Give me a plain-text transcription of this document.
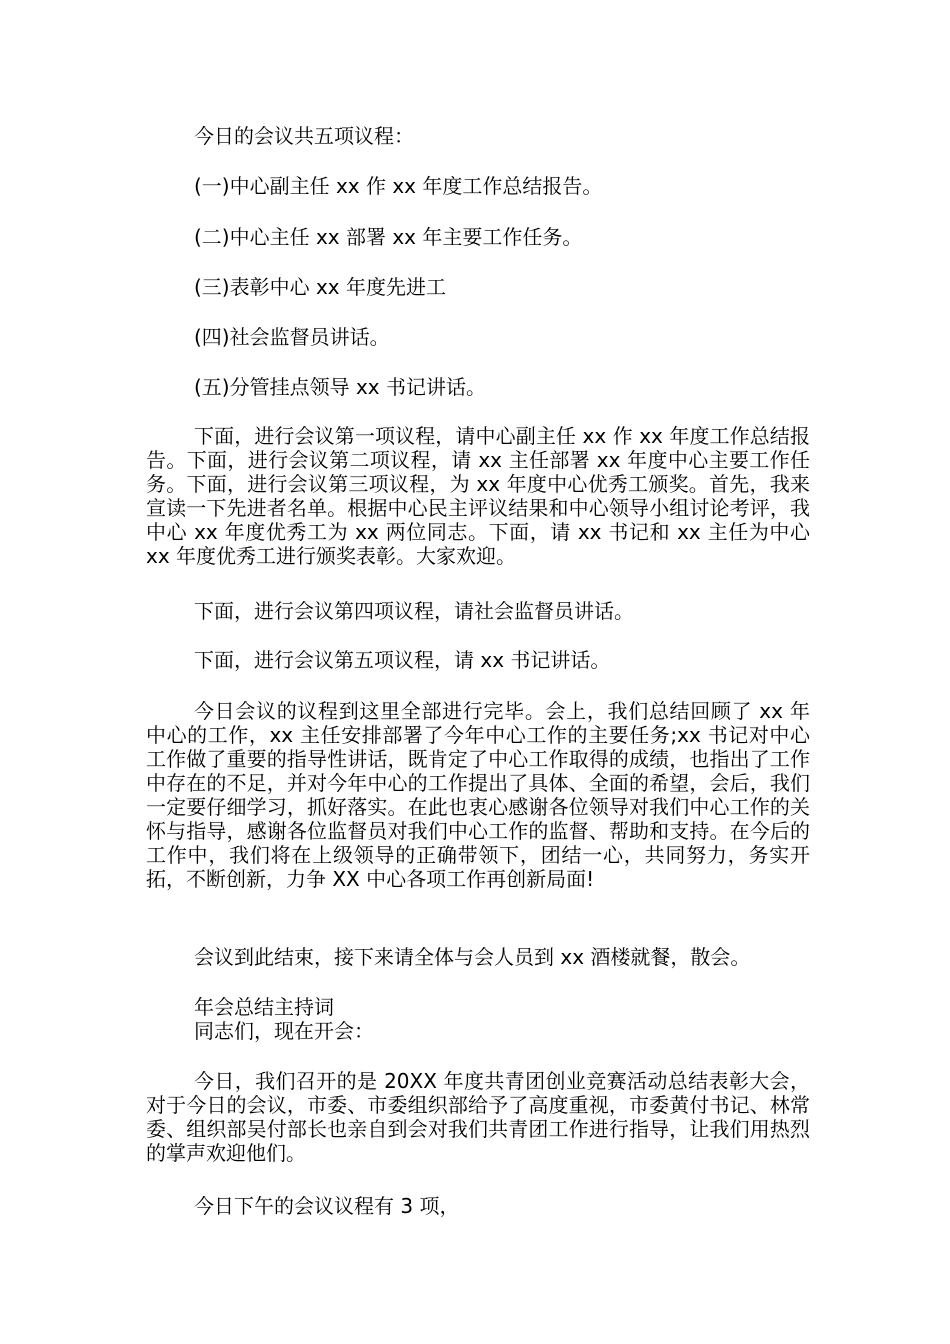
今日的会议共五项议程：

(一)中心副主任 xx 作 xx 年度工作总结报告。

(二)中心主任 xx 部署 xx 年主要工作任务。

(三)表彰中心 xx 年度先进工

(四)社会监督员讲话。

(五)分管挂点领导 xx 书记讲话。

下面，进行会议第一项议程，请中心副主任 xx 作 xx 年度工作总结报告。下面，进行会议第二项议程，请 xx 主任部署 xx 年度中心主要工作任务。下面，进行会议第三项议程，为 xx 年度中心优秀工颁奖。首先，我来宣读一下先进者名单。根据中心民主评议结果和中心领导小组讨论考评，我中心 xx 年度优秀工为 xx 两位同志。下面，请 xx 书记和 xx 主任为中心 xx 年度优秀工进行颁奖表彰。大家欢迎。

下面，进行会议第四项议程，请社会监督员讲话。

下面，进行会议第五项议程，请 xx 书记讲话。

今日会议的议程到这里全部进行完毕。会上，我们总结回顾了 xx 年中心的工作，xx 主任安排部署了今年中心工作的主要任务;xx 书记对中心工作做了重要的指导性讲话，既肯定了中心工作取得的成绩，也指出了工作中存在的不足，并对今年中心的工作提出了具体、全面的希望，会后，我们一定要仔细学习，抓好落实。在此也衷心感谢各位领导对我们中心工作的关怀与指导，感谢各位监督员对我们中心工作的监督、帮助和支持。在今后的工作中，我们将在上级领导的正确带领下，团结一心，共同努力，务实开拓，不断创新，力争 XX 中心各项工作再创新局面!

会议到此结束，接下来请全体与会人员到 xx 酒楼就餐，散会。

年会总结主持词

同志们，现在开会：

今日，我们召开的是 20XX 年度共青团创业竞赛活动总结表彰大会，对于今日的会议，市委、市委组织部给予了高度重视，市委黄付书记、林常委、组织部吴付部长也亲自到会对我们共青团工作进行指导，让我们用热烈的掌声欢迎他们。

今日下午的会议议程有 3 项，
